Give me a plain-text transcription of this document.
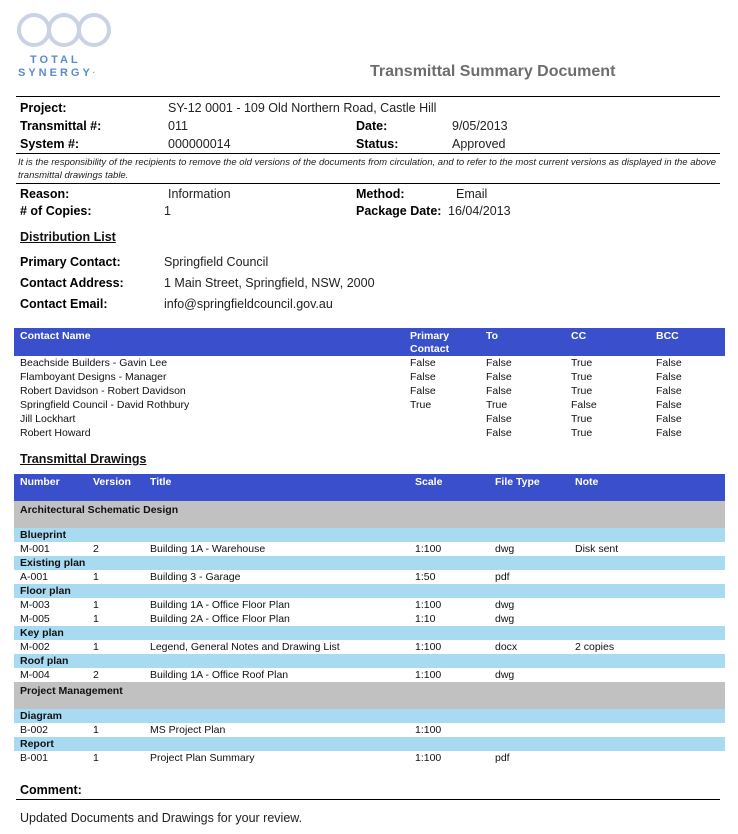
TOTAL
SYNERGY·	Transmittal Summary Document
Project:	SY-12 0001 - 109 Old Northern Road, Castle Hill
Transmittal #:	011	Date:	9/05/2013
System #:	000000014	Status:	Approved
It is the responsibility of the recipients to remove the old versions of the documents from circulation, and to refer to the most current versions as displayed in the above transmittal drawings table.
Reason:	Information	Method:	Email
# of Copies:	1	Package Date: 16/04/2013
Distribution List
Primary Contact:	Springfield Council
Contact Address:	1 Main Street, Springfield, NSW, 2000
Contact Email:	info@springfieldcouncil.gov.au
Contact Name	Primary Contact	To	CC	BCC
Beachside Builders - Gavin Lee	False	False	True	False
Flamboyant Designs - Manager	False	False	True	False
Robert Davidson - Robert Davidson	False	False	True	False
Springfield Council - David Rothbury	True	True	False	False
Jill Lockhart		False	True	False
Robert Howard		False	True	False
Transmittal Drawings
Number	Version	Title	Scale	File Type	Note
Architectural Schematic Design					
Blueprint					
M-001	2	Building 1A - Warehouse	1:100	dwg	Disk sent
Existing plan					
A-001	1	Building 3 - Garage	1:50	pdf	
Floor plan					
M-003	1	Building 1A - Office Floor Plan	1:100	dwg	
M-005	1	Building 2A - Office Floor Plan	1:10	dwg	
Key plan					
M-002	1	Legend, General Notes and Drawing List	1:100	docx	2 copies
Roof plan					
M-004	2	Building 1A - Office Roof Plan	1:100	dwg	
Project Management					
Diagram					
B-002	1	MS Project Plan	1:100		
Report					
B-001	1	Project Plan Summary	1:100	pdf	
Comment:
Updated Documents and Drawings for your review.
